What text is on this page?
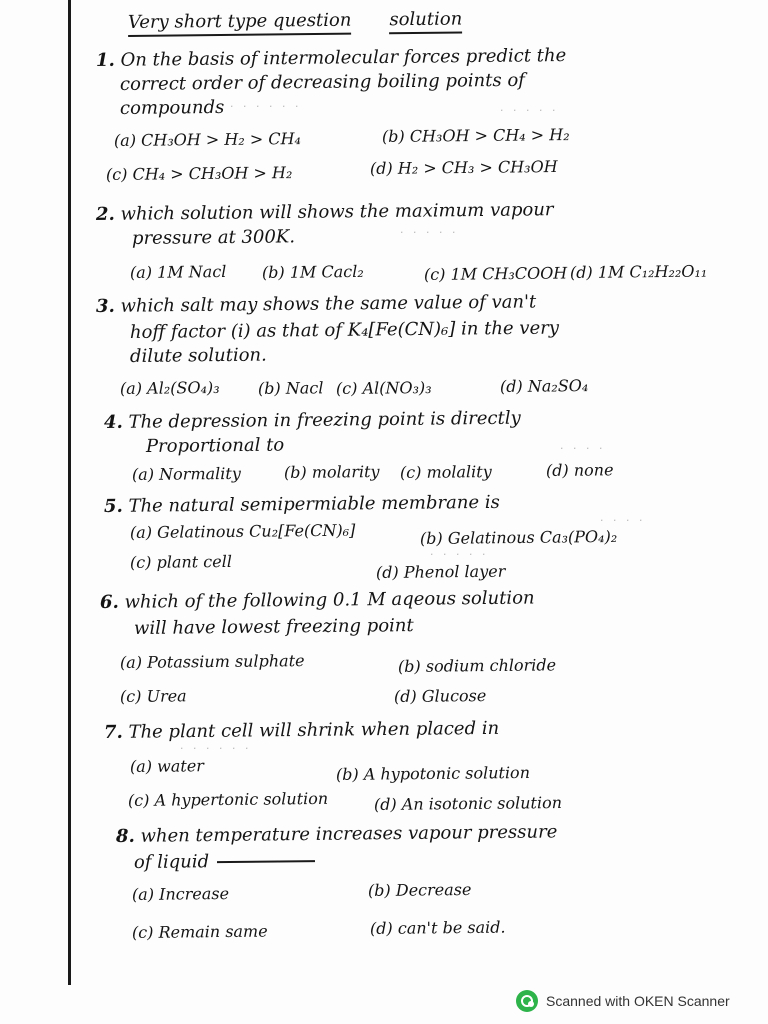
· · · · · ·	· · · · ·
· · · · ·
· · · ·
· · · ·
· · · · ·
· · · · · ·
Very short type question solution
1. On the basis of intermolecular forces predict the
correct order of decreasing boiling points of
compounds
(a) CH₃OH > H₂ > CH₄	(b) CH₃OH > CH₄ > H₂
(c) CH₄ > CH₃OH > H₂	(d) H₂ > CH₃ > CH₃OH
2. which solution will shows the maximum vapour
pressure at 300K.
(a) 1M Nacl (b) 1M Cacl₂	(c) 1M CH₃COOH (d) 1M C₁₂H₂₂O₁₁
3. which salt may shows the same value of van't
hoff factor (i) as that of K₄[Fe(CN)₆] in the very
dilute solution.
(a) Al₂(SO₄)₃ (b) Nacl (c) Al(NO₃)₃	(d) Na₂SO₄
4. The depression in freezing point is directly
Proportional to
(a) Normality	(b) molarity (c) molality	(d) none
5. The natural semipermiable membrane is
(a) Gelatinous Cu₂[Fe(CN)₆]	(b) Gelatinous Ca₃(PO₄)₂
(c) plant cell	(d) Phenol layer
6. which of the following 0.1 M aqeous solution
will have lowest freezing point
(a) Potassium sulphate	(b) sodium chloride
(c) Urea	(d) Glucose
7. The plant cell will shrink when placed in
(a) water	(b) A hypotonic solution
(c) A hypertonic solution	(d) An isotonic solution
8. when temperature increases vapour pressure
of liquid
(a) Increase	(b) Decrease
(c) Remain same	(d) can't be said.
Scanned with OKEN Scanner
